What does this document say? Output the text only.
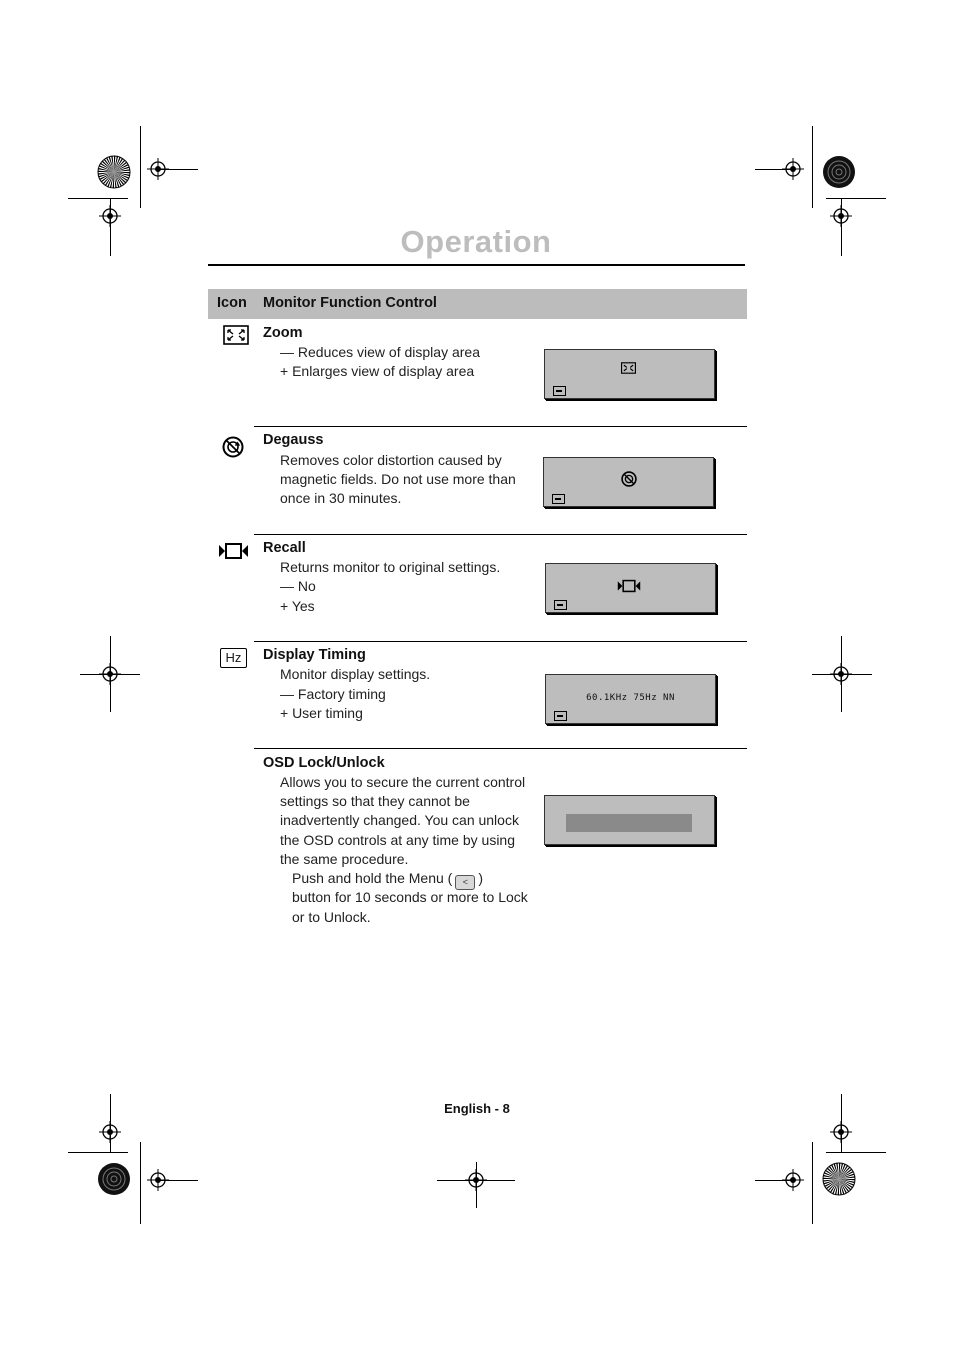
Operation
Icon Monitor Function Control
Zoom
— Reduces view of display area
+ Enlarges view of display area
Degauss
Removes color distortion caused by
magnetic fields. Do not use more than
once in 30 minutes.
Recall
Returns monitor to original settings.
— No
+ Yes
Hz	Display Timing
Monitor display settings.
— Factory timing
+ User timing
60.1KHz 75Hz NN
OSD Lock/Unlock
Allows you to secure the current control
settings so that they cannot be
inadvertently changed. You can unlock
the OSD controls at any time by using
the same procedure.
Push and hold the Menu ( < )
button for 10 seconds or more to Lock
or to Unlock.
English - 8
